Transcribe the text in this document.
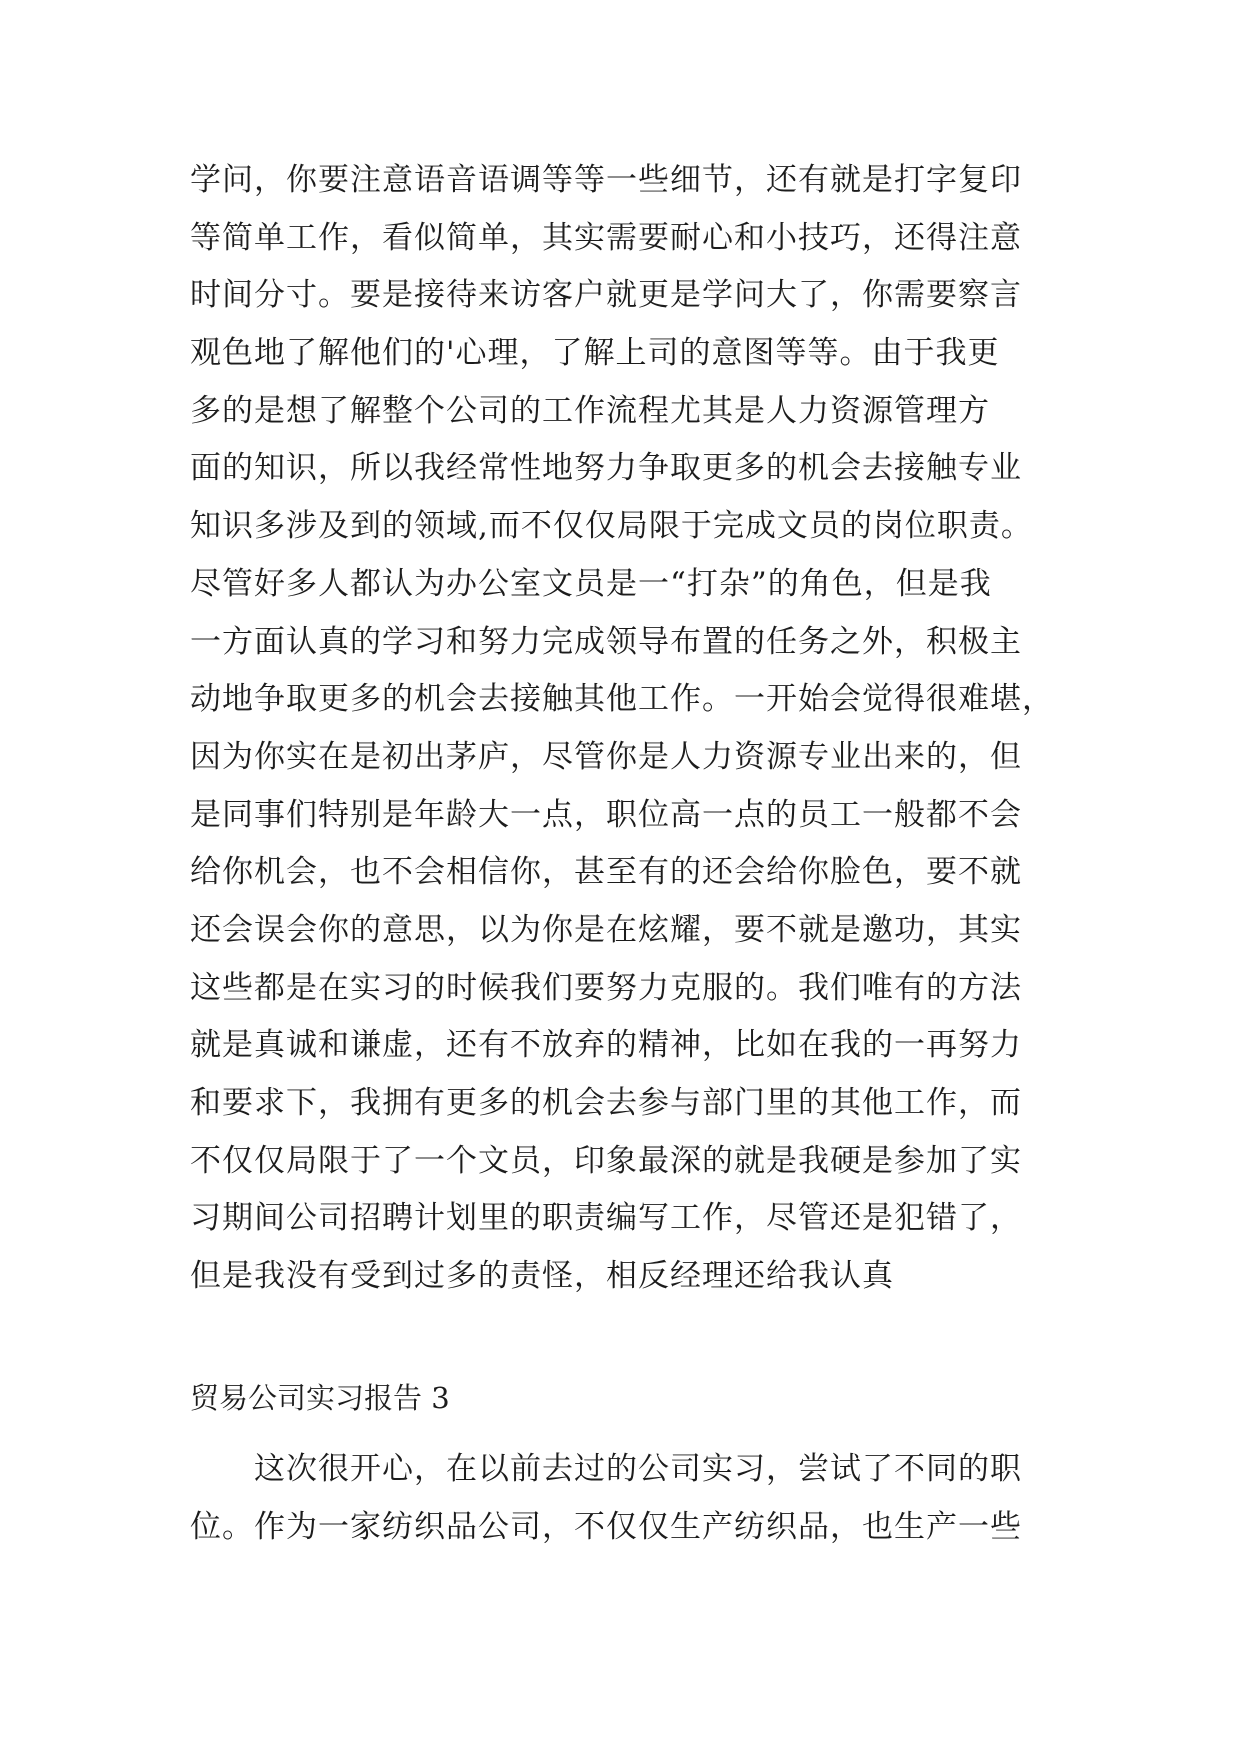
学问，你要注意语音语调等等一些细节，还有就是打字复印
等简单工作，看似简单，其实需要耐心和小技巧，还得注意
时间分寸。要是接待来访客户就更是学问大了，你需要察言
观色地了解他们的'心理，了解上司的意图等等。由于我更
多的是想了解整个公司的工作流程尤其是人力资源管理方
面的知识，所以我经常性地努力争取更多的机会去接触专业
知识多涉及到的领域,而不仅仅局限于完成文员的岗位职责。
尽管好多人都认为办公室文员是一“打杂”的角色，但是我
一方面认真的学习和努力完成领导布置的任务之外，积极主
动地争取更多的机会去接触其他工作。一开始会觉得很难堪，
因为你实在是初出茅庐，尽管你是人力资源专业出来的，但
是同事们特别是年龄大一点，职位高一点的员工一般都不会
给你机会，也不会相信你，甚至有的还会给你脸色，要不就
还会误会你的意思，以为你是在炫耀，要不就是邀功，其实
这些都是在实习的时候我们要努力克服的。我们唯有的方法
就是真诚和谦虚，还有不放弃的精神，比如在我的一再努力
和要求下，我拥有更多的机会去参与部门里的其他工作，而
不仅仅局限于了一个文员，印象最深的就是我硬是参加了实
习期间公司招聘计划里的职责编写工作，尽管还是犯错了，
但是我没有受到过多的责怪，相反经理还给我认真
贸易公司实习报告 3
　　这次很开心，在以前去过的公司实习，尝试了不同的职
位。作为一家纺织品公司，不仅仅生产纺织品，也生产一些
